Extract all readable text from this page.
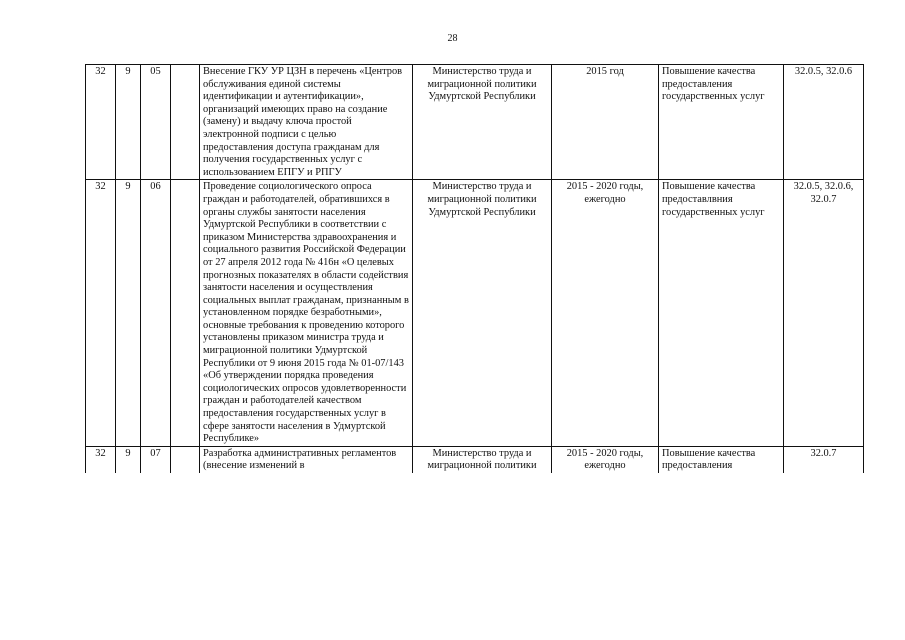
28
32	9	05		Внесение ГКУ УР ЦЗН в перечень «Центров обслуживания единой системы идентификации и аутентификации», организаций имеющих право на создание (замену) и выдачу ключа простой электронной подписи с целью предоставления доступа гражданам для получения государственных услуг с использованием ЕПГУ и РПГУ	Министерство труда и миграционной политики Удмуртской Республики	2015 год	Повышение качества предоставления государственных услуг	32.0.5, 32.0.6
32	9	06		Проведение социологического опроса граждан и работодателей, обратившихся в органы службы занятости населения Удмуртской Республики в соответствии с приказом Министерства здравоохранения и социального развития Российской Федерации от 27 апреля 2012 года № 416н «О целевых прогнозных показателях в области содействия занятости населения и осуществления социальных выплат гражданам, признанным в установленном порядке безработными», основные требования к проведению которого установлены приказом министра труда и миграционной политики Удмуртской Республики от 9 июня 2015 года № 01-07/143 «Об утверждении порядка проведения социологических опросов удовлетворенности граждан и работодателей качеством предоставления государственных услуг в сфере занятости населения в Удмуртской Республике»	Министерство труда и миграционной политики Удмуртской Республики	2015 - 2020 годы, ежегодно	Повышение качества предоставлвния государственных услуг	32.0.5, 32.0.6, 32.0.7

32	9	07		Разработка административных регламентов (внесение изменений в	Министерство труда и миграционной политики	2015 - 2020 годы, ежегодно	Повышение качества предоставления	32.0.7
